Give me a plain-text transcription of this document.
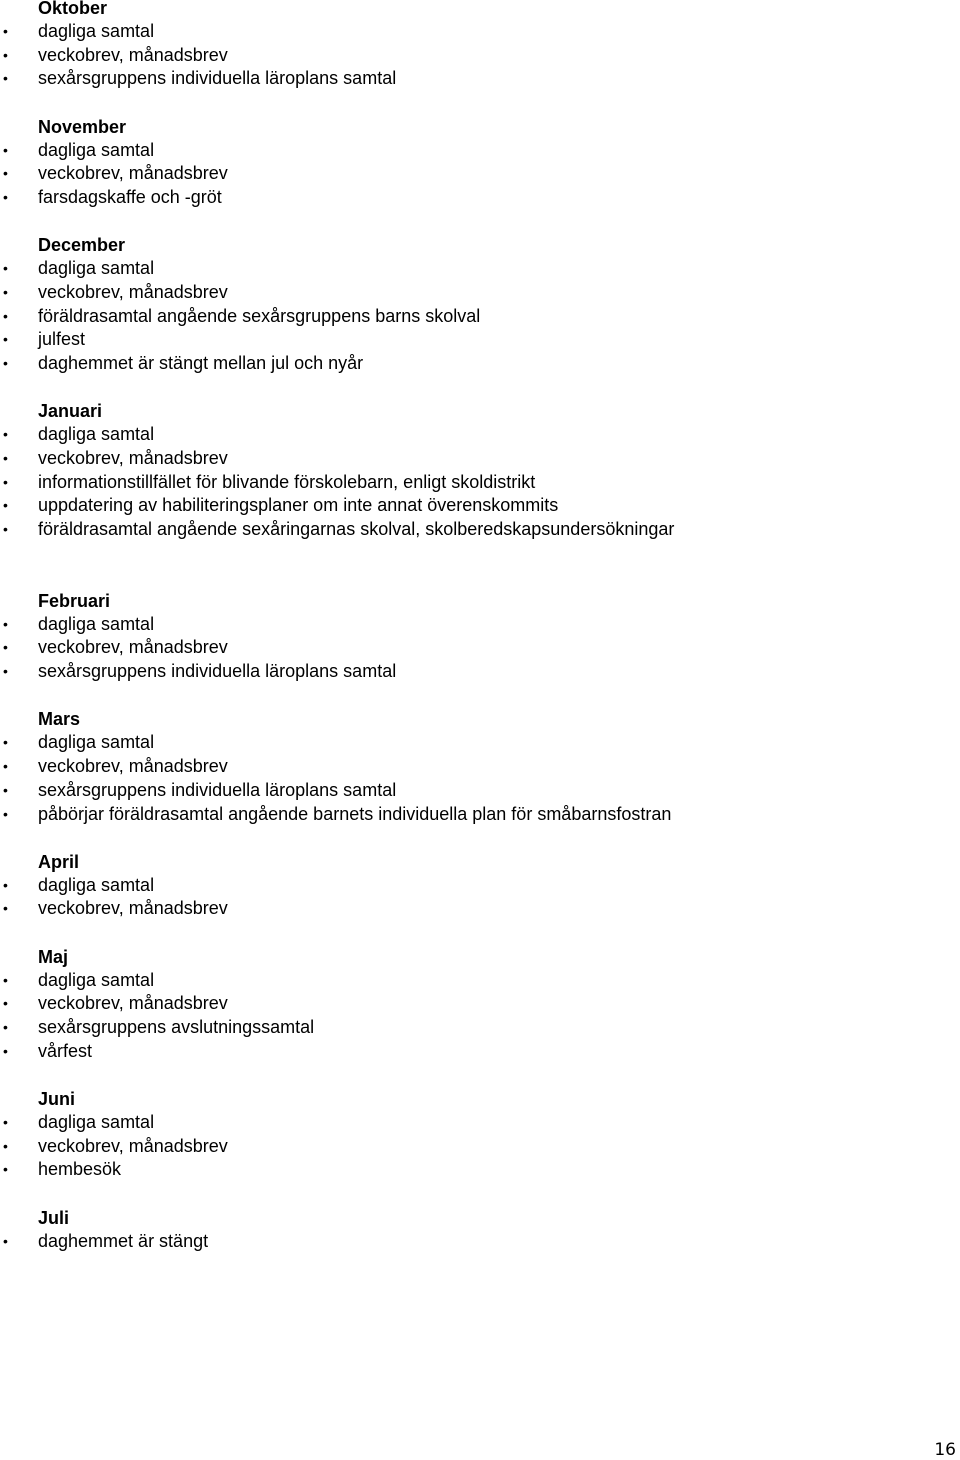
Oktober
• dagliga samtal
• veckobrev, månadsbrev
• sexårsgruppens individuella läroplans samtal
November
• dagliga samtal
• veckobrev, månadsbrev
• farsdagskaffe och -gröt
December
• dagliga samtal
• veckobrev, månadsbrev
• föräldrasamtal angående sexårsgruppens barns skolval
• julfest
• daghemmet är stängt mellan jul och nyår
Januari
• dagliga samtal
• veckobrev, månadsbrev
• informationstillfället för blivande förskolebarn, enligt skoldistrikt
• uppdatering av habiliteringsplaner om inte annat överenskommits
• föräldrasamtal angående sexåringarnas skolval, skolberedskapsundersökningar
Februari
• dagliga samtal
• veckobrev, månadsbrev
• sexårsgruppens individuella läroplans samtal
Mars
• dagliga samtal
• veckobrev, månadsbrev
• sexårsgruppens individuella läroplans samtal
• påbörjar föräldrasamtal angående barnets individuella plan för småbarnsfostran
April
• dagliga samtal
• veckobrev, månadsbrev
Maj
• dagliga samtal
• veckobrev, månadsbrev
• sexårsgruppens avslutningssamtal
• vårfest
Juni
• dagliga samtal
• veckobrev, månadsbrev
• hembesök
Juli
• daghemmet är stängt
16
